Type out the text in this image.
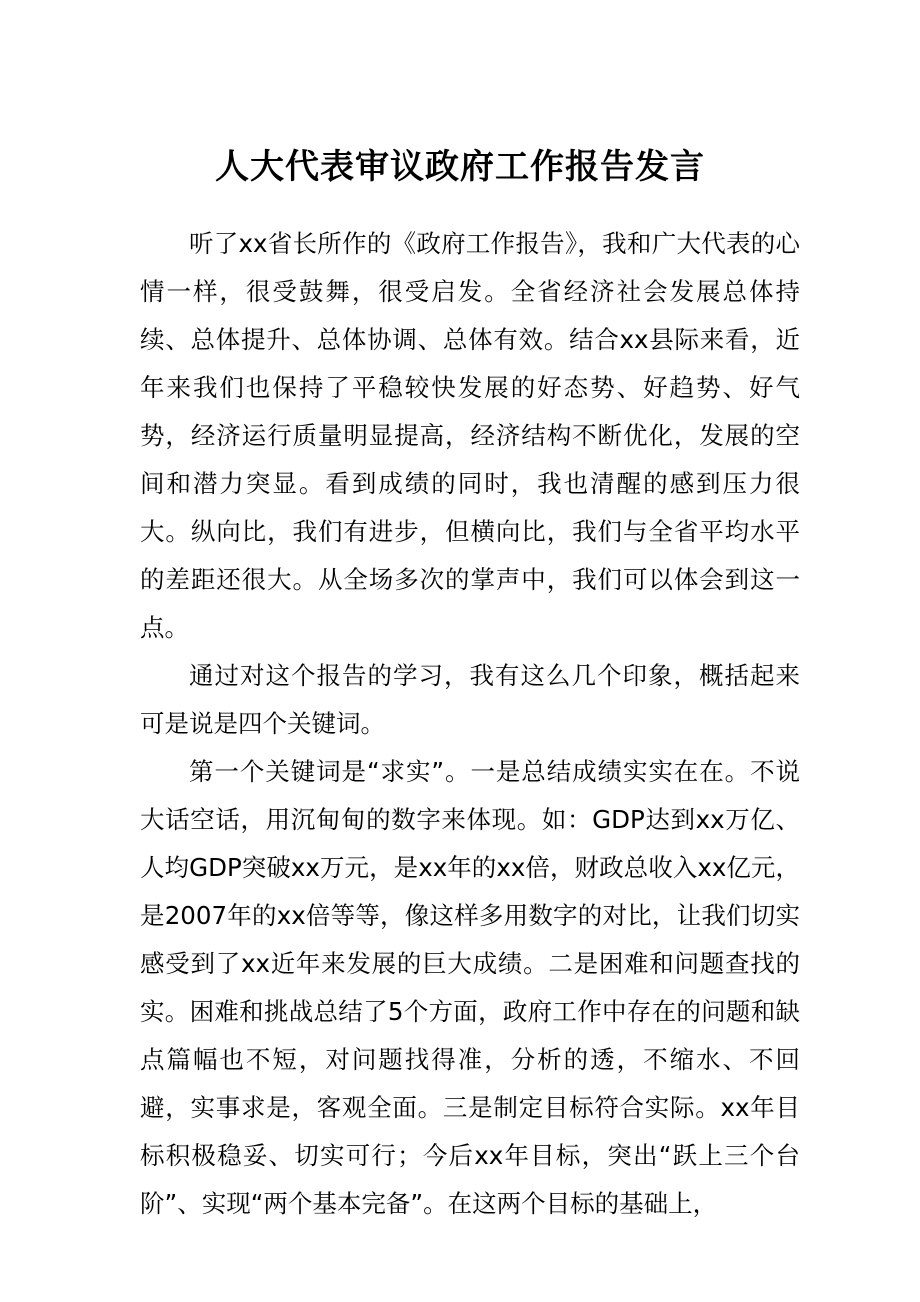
人大代表审议政府工作报告发言

听了xx省长所作的《政府工作报告》，我和广大代表的心情一样，很受鼓舞，很受启发。全省经济社会发展总体持续、总体提升、总体协调、总体有效。结合xx县际来看，近年来我们也保持了平稳较快发展的好态势、好趋势、好气势，经济运行质量明显提高，经济结构不断优化，发展的空间和潜力突显。看到成绩的同时，我也清醒的感到压力很大。纵向比，我们有进步，但横向比，我们与全省平均水平的差距还很大。从全场多次的掌声中，我们可以体会到这一点。

通过对这个报告的学习，我有这么几个印象，概括起来可是说是四个关键词。

第一个关键词是“求实”。一是总结成绩实实在在。不说大话空话，用沉甸甸的数字来体现。如：GDP达到xx万亿、人均GDP突破xx万元，是xx年的xx倍，财政总收入xx亿元，是2007年的xx倍等等，像这样多用数字的对比，让我们切实感受到了xx近年来发展的巨大成绩。二是困难和问题查找的实。困难和挑战总结了5个方面，政府工作中存在的问题和缺点篇幅也不短，对问题找得准，分析的透，不缩水、不回避，实事求是，客观全面。三是制定目标符合实际。xx年目标积极稳妥、切实可行；今后xx年目标，突出“跃上三个台阶”、实现“两个基本完备”。在这两个目标的基础上，
